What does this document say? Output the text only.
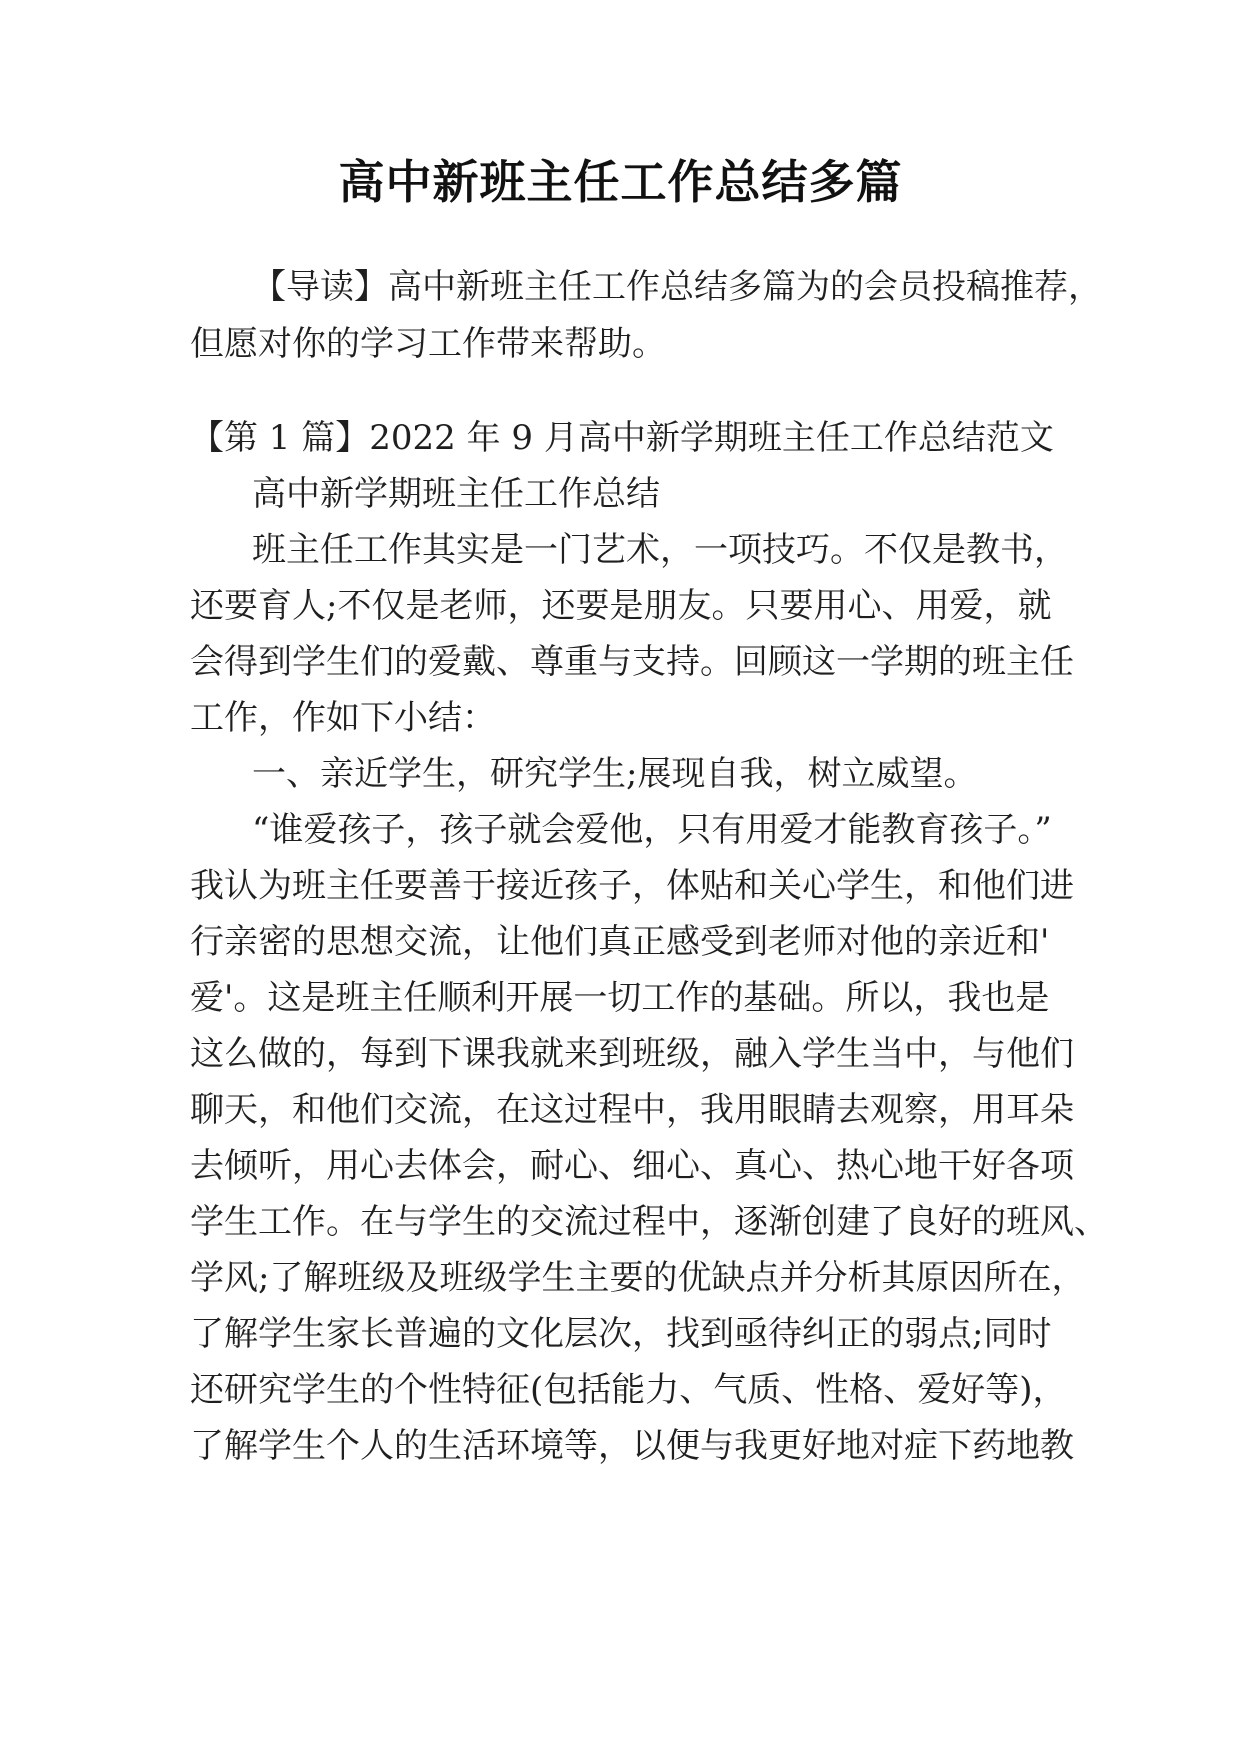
高中新班主任工作总结多篇
【导读】高中新班主任工作总结多篇为的会员投稿推荐，
但愿对你的学习工作带来帮助。
【第 1 篇】2022 年 9 月高中新学期班主任工作总结范文
高中新学期班主任工作总结
班主任工作其实是一门艺术，一项技巧。不仅是教书，
还要育人;不仅是老师，还要是朋友。只要用心、用爱，就
会得到学生们的爱戴、尊重与支持。回顾这一学期的班主任
工作，作如下小结：
一、亲近学生，研究学生;展现自我，树立威望。
“谁爱孩子，孩子就会爱他，只有用爱才能教育孩子。”
我认为班主任要善于接近孩子，体贴和关心学生，和他们进
行亲密的思想交流，让他们真正感受到老师对他的亲近和'
爱'。这是班主任顺利开展一切工作的基础。所以，我也是
这么做的，每到下课我就来到班级，融入学生当中，与他们
聊天，和他们交流，在这过程中，我用眼睛去观察，用耳朵
去倾听，用心去体会，耐心、细心、真心、热心地干好各项
学生工作。在与学生的交流过程中，逐渐创建了良好的班风、
学风;了解班级及班级学生主要的优缺点并分析其原因所在，
了解学生家长普遍的文化层次，找到亟待纠正的弱点;同时
还研究学生的个性特征(包括能力、气质、性格、爱好等)，
了解学生个人的生活环境等，以便与我更好地对症下药地教
